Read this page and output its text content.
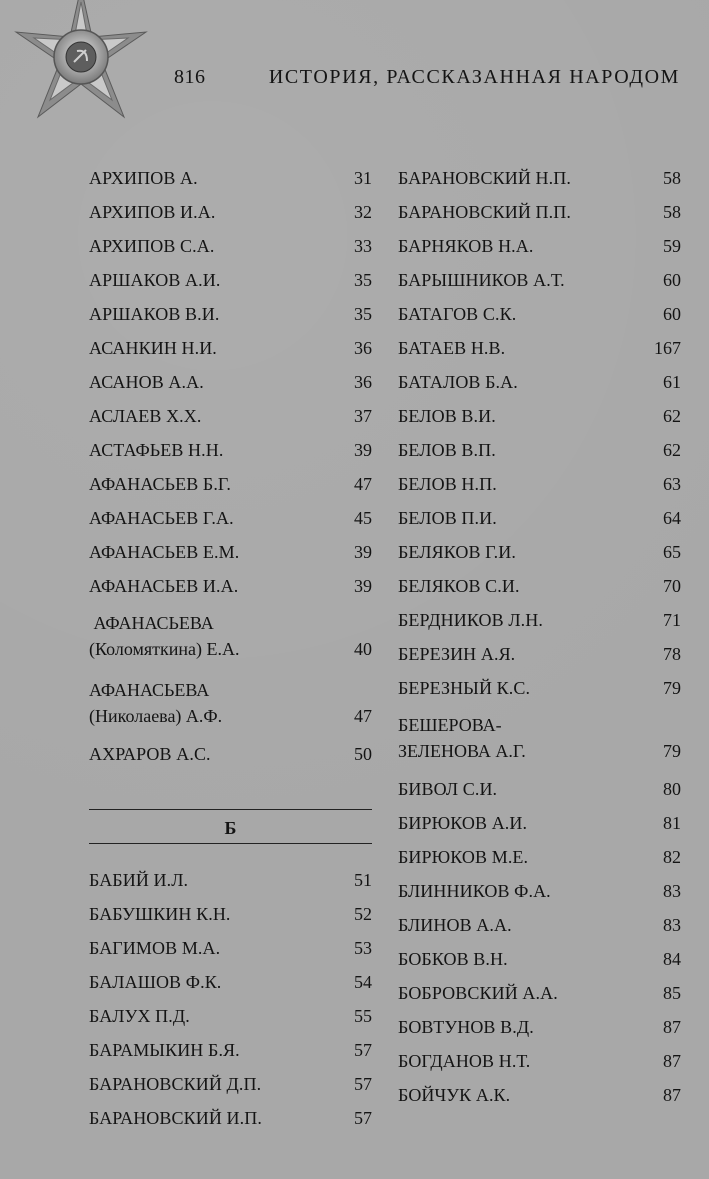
816	ИСТОРИЯ, РАССКАЗАННАЯ НАРОДОМ
АРХИПОВ А.	31
АРХИПОВ И.А.	32
АРХИПОВ С.А.	33
АРШАКОВ А.И.	35
АРШАКОВ В.И.	35
АСАНКИН Н.И.	36
АСАНОВ А.А.	36
АСЛАЕВ Х.Х.	37
АСТАФЬЕВ Н.Н.	39
АФАНАСЬЕВ Б.Г.	47
АФАНАСЬЕВ Г.А.	45
АФАНАСЬЕВ Е.М.	39
АФАНАСЬЕВ И.А.	39
АФАНАСЬЕВА
(Коломяткина) Е.А.	40
АФАНАСЬЕВА
(Николаева) А.Ф.	47
АХРАРОВ А.С.	50
Б
БАБИЙ И.Л.	51
БАБУШКИН К.Н.	52
БАГИМОВ М.А.	53
БАЛАШОВ Ф.К.	54
БАЛУХ П.Д.	55
БАРАМЫКИН Б.Я.	57
БАРАНОВСКИЙ Д.П.	57
БАРАНОВСКИЙ И.П.	57
БАРАНОВСКИЙ Н.П.	58
БАРАНОВСКИЙ П.П.	58
БАРНЯКОВ Н.А.	59
БАРЫШНИКОВ А.Т.	60
БАТАГОВ С.К.	60
БАТАЕВ Н.В.	167
БАТАЛОВ Б.А.	61
БЕЛОВ В.И.	62
БЕЛОВ В.П.	62
БЕЛОВ Н.П.	63
БЕЛОВ П.И.	64
БЕЛЯКОВ Г.И.	65
БЕЛЯКОВ С.И.	70
БЕРДНИКОВ Л.Н.	71
БЕРЕЗИН А.Я.	78
БЕРЕЗНЫЙ К.С.	79
БЕШЕРОВА-
ЗЕЛЕНОВА А.Г.	79
БИВОЛ С.И.	80
БИРЮКОВ А.И.	81
БИРЮКОВ М.Е.	82
БЛИННИКОВ Ф.А.	83
БЛИНОВ А.А.	83
БОБКОВ В.Н.	84
БОБРОВСКИЙ А.А.	85
БОВТУНОВ В.Д.	87
БОГДАНОВ Н.Т.	87
БОЙЧУК А.К.	87
